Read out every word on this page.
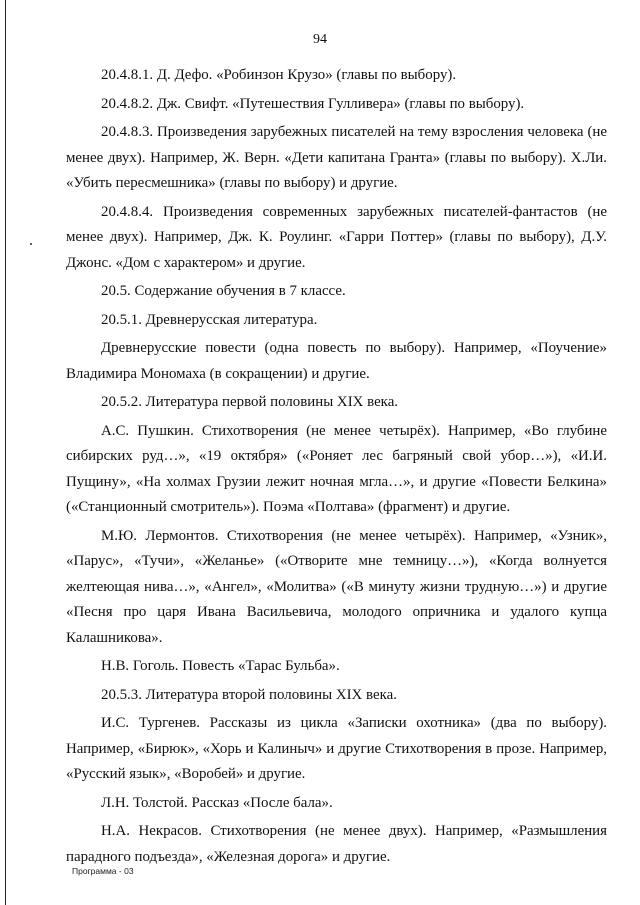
94

20.4.8.1. Д. Дефо. «Робинзон Крузо» (главы по выбору).

20.4.8.2. Дж. Свифт. «Путешествия Гулливера» (главы по выбору).

20.4.8.3. Произведения зарубежных писателей на тему взросления человека (не менее двух). Например, Ж. Верн. «Дети капитана Гранта» (главы по выбору). Х.Ли. «Убить пересмешника» (главы по выбору) и другие.

20.4.8.4. Произведения современных зарубежных писателей-фантастов (не менее двух). Например, Дж. К. Роулинг. «Гарри Поттер» (главы по выбору), Д.У. Джонс. «Дом с характером» и другие.

20.5. Содержание обучения в 7 классе.

20.5.1. Древнерусская литература.

Древнерусские повести (одна повесть по выбору). Например, «Поучение» Владимира Мономаха (в сокращении) и другие.

20.5.2. Литература первой половины XIX века.

А.С. Пушкин. Стихотворения (не менее четырёх). Например, «Во глубине сибирских руд…», «19 октября» («Роняет лес багряный свой убор…»), «И.И. Пущину», «На холмах Грузии лежит ночная мгла…», и другие «Повести Белкина» («Станционный смотритель»). Поэма «Полтава» (фрагмент) и другие.

М.Ю. Лермонтов. Стихотворения (не менее четырёх). Например, «Узник», «Парус», «Тучи», «Желанье» («Отворите мне темницу…»), «Когда волнуется желтеющая нива…», «Ангел», «Молитва» («В минуту жизни трудную…») и другие «Песня про царя Ивана Васильевича, молодого опричника и удалого купца Калашникова».

Н.В. Гоголь. Повесть «Тарас Бульба».

20.5.3. Литература второй половины XIX века.

И.С. Тургенев. Рассказы из цикла «Записки охотника» (два по выбору). Например, «Бирюк», «Хорь и Калиныч» и другие Стихотворения в прозе. Например, «Русский язык», «Воробей» и другие.

Л.Н. Толстой. Рассказ «После бала».

Н.А. Некрасов. Стихотворения (не менее двух). Например, «Размышления парадного подъезда», «Железная дорога» и другие.

Программа - 03
